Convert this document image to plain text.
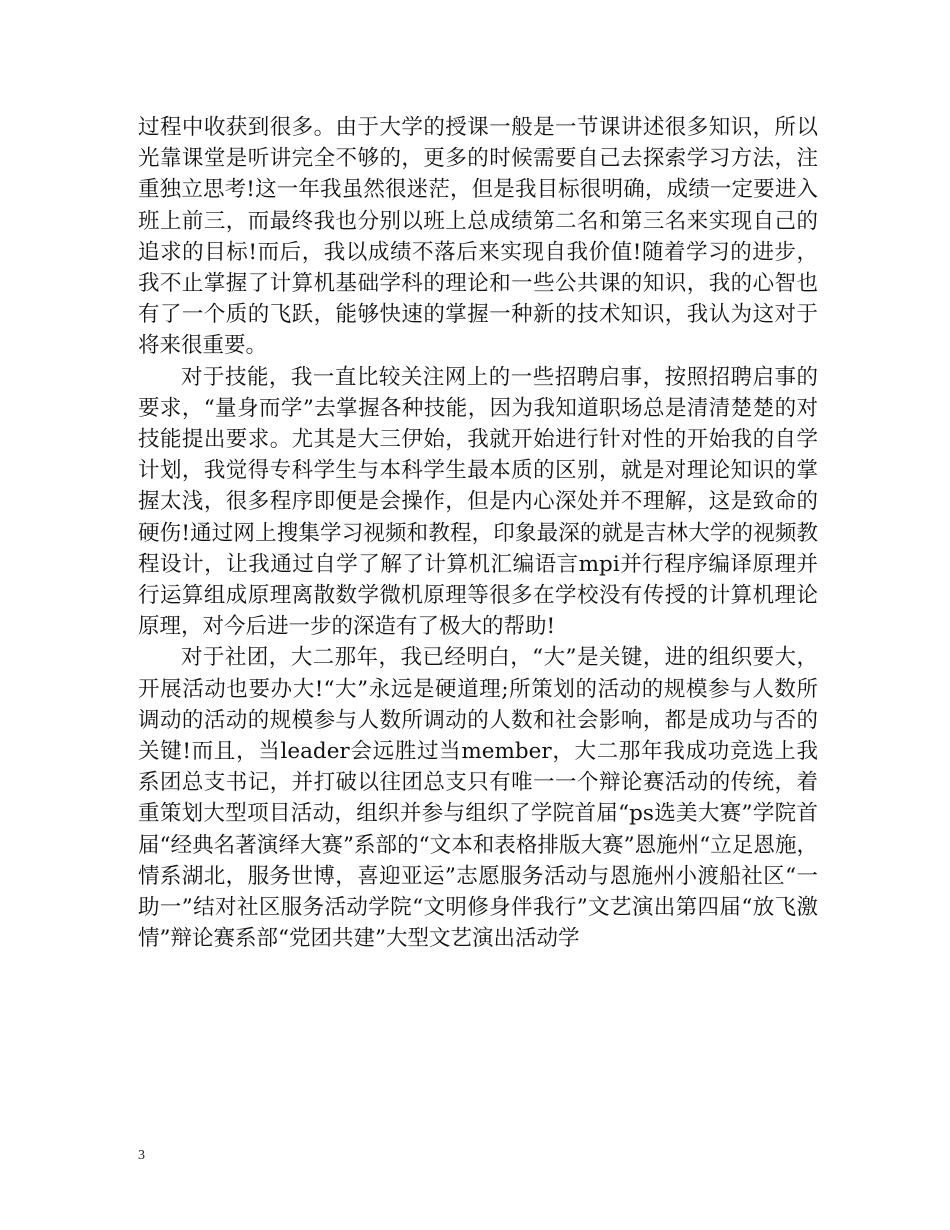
过程中收获到很多。由于大学的授课一般是一节课讲述很多知识，所以光靠课堂是听讲完全不够的，更多的时候需要自己去探索学习方法，注重独立思考!这一年我虽然很迷茫，但是我目标很明确，成绩一定要进入班上前三，而最终我也分别以班上总成绩第二名和第三名来实现自己的追求的目标!而后，我以成绩不落后来实现自我价值!随着学习的进步，我不止掌握了计算机基础学科的理论和一些公共课的知识，我的心智也有了一个质的飞跃，能够快速的掌握一种新的技术知识，我认为这对于将来很重要。

对于技能，我一直比较关注网上的一些招聘启事，按照招聘启事的要求，“量身而学”去掌握各种技能，因为我知道职场总是清清楚楚的对技能提出要求。尤其是大三伊始，我就开始进行针对性的开始我的自学计划，我觉得专科学生与本科学生最本质的区别，就是对理论知识的掌握太浅，很多程序即便是会操作，但是内心深处并不理解，这是致命的硬伤!通过网上搜集学习视频和教程，印象最深的就是吉林大学的视频教程设计，让我通过自学了解了计算机汇编语言mpi并行程序编译原理并行运算组成原理离散数学微机原理等很多在学校没有传授的计算机理论原理，对今后进一步的深造有了极大的帮助!

对于社团，大二那年，我已经明白，“大”是关键，进的组织要大，开展活动也要办大!“大”永远是硬道理;所策划的活动的规模参与人数所调动的活动的规模参与人数所调动的人数和社会影响，都是成功与否的关键!而且，当leader会远胜过当member，大二那年我成功竞选上我系团总支书记，并打破以往团总支只有唯一一个辩论赛活动的传统，着重策划大型项目活动，组织并参与组织了学院首届“ps选美大赛”学院首届“经典名著演绎大赛”系部的“文本和表格排版大赛”恩施州“立足恩施，情系湖北，服务世博，喜迎亚运”志愿服务活动与恩施州小渡船社区“一助一”结对社区服务活动学院“文明修身伴我行”文艺演出第四届“放飞激情”辩论赛系部“党团共建”大型文艺演出活动学

3
